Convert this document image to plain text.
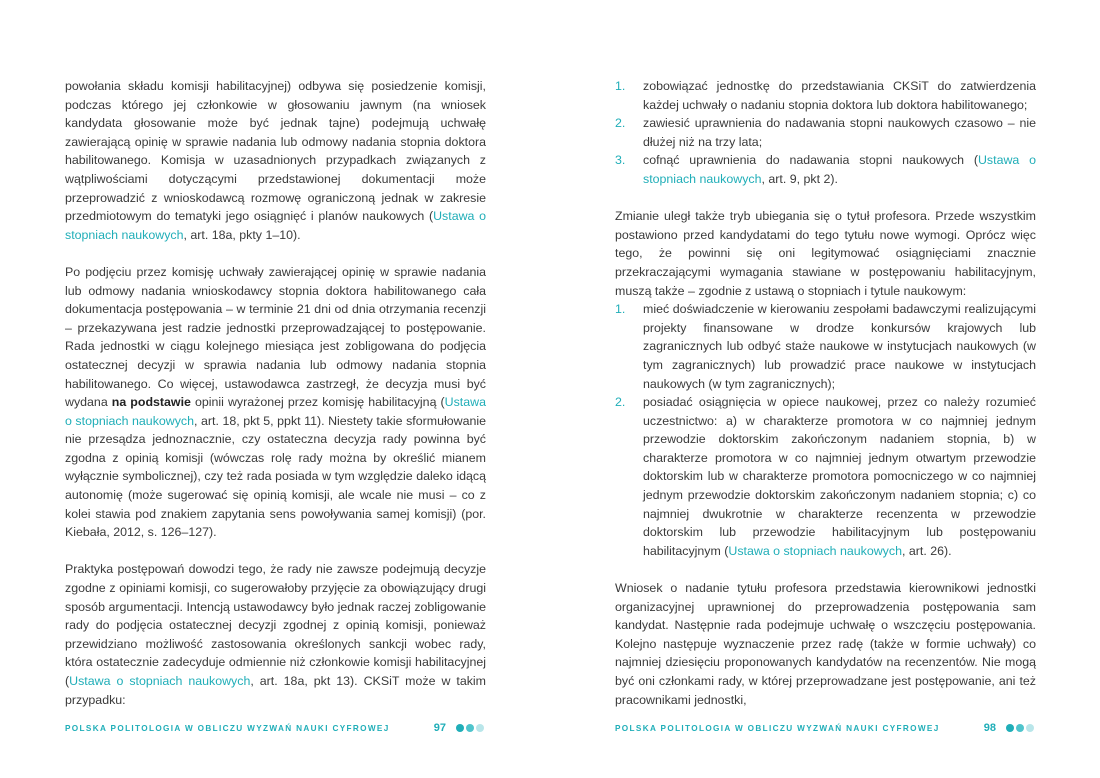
powołania składu komisji habilitacyjnej) odbywa się posiedzenie komisji, podczas którego jej członkowie w głosowaniu jawnym (na wniosek kandydata głosowanie może być jednak tajne) podejmują uchwałę zawierającą opinię w sprawie nadania lub odmowy nadania stopnia doktora habilitowanego. Komisja w uzasadnionych przypadkach związanych z wątpliwościami dotyczącymi przedstawionej dokumentacji może przeprowadzić z wnioskodawcą rozmowę ograniczoną jednak w zakresie przedmiotowym do tematyki jego osiągnięć i planów naukowych (Ustawa o stopniach naukowych, art. 18a, pkty 1–10).

Po podjęciu przez komisję uchwały zawierającej opinię w sprawie nadania lub odmowy nadania wnioskodawcy stopnia doktora habilitowanego cała dokumentacja postępowania – w terminie 21 dni od dnia otrzymania recenzji – przekazywana jest radzie jednostki przeprowadzającej to postępowanie. Rada jednostki w ciągu kolejnego miesiąca jest zobligowana do podjęcia ostatecznej decyzji w sprawia nadania lub odmowy nadania stopnia habilitowanego. Co więcej, ustawodawca zastrzegł, że decyzja musi być wydana na podstawie opinii wyrażonej przez komisję habilitacyjną (Ustawa o stopniach naukowych, art. 18, pkt 5, ppkt 11). Niestety takie sformułowanie nie przesądza jednoznacznie, czy ostateczna decyzja rady powinna być zgodna z opinią komisji (wówczas rolę rady można by określić mianem wyłącznie symbolicznej), czy też rada posiada w tym względzie daleko idącą autonomię (może sugerować się opinią komisji, ale wcale nie musi – co z kolei stawia pod znakiem zapytania sens powoływania samej komisji) (por. Kiebała, 2012, s. 126–127).

Praktyka postępowań dowodzi tego, że rady nie zawsze podejmują decyzje zgodne z opiniami komisji, co sugerowałoby przyjęcie za obowiązujący drugi sposób argumentacji. Intencją ustawodawcy było jednak raczej zobligowanie rady do podjęcia ostatecznej decyzji zgodnej z opinią komisji, ponieważ przewidziano możliwość zastosowania określonych sankcji wobec rady, która ostatecznie zadecyduje odmiennie niż członkowie komisji habilitacyjnej (Ustawa o stopniach naukowych, art. 18a, pkt 13). CKSiT może w takim przypadku:

POLSKA POLITOLOGIA W OBLICZU WYZWAŃ NAUKI CYFROWEJ	97
1. zobowiązać jednostkę do przedstawiania CKSiT do zatwierdzenia każdej uchwały o nadaniu stopnia doktora lub doktora habilitowanego;
2. zawiesić uprawnienia do nadawania stopni naukowych czasowo – nie dłużej niż na trzy lata;
3. cofnąć uprawnienia do nadawania stopni naukowych (Ustawa o stopniach naukowych, art. 9, pkt 2).

Zmianie uległ także tryb ubiegania się o tytuł profesora. Przede wszystkim postawiono przed kandydatami do tego tytułu nowe wymogi. Oprócz więc tego, że powinni się oni legitymować osiągnięciami znacznie przekraczającymi wymagania stawiane w postępowaniu habilitacyjnym, muszą także – zgodnie z ustawą o stopniach i tytule naukowym:

1. mieć doświadczenie w kierowaniu zespołami badawczymi realizującymi projekty finansowane w drodze konkursów krajowych lub zagranicznych lub odbyć staże naukowe w instytucjach naukowych (w tym zagranicznych) lub prowadzić prace naukowe w instytucjach naukowych (w tym zagranicznych);
2. posiadać osiągnięcia w opiece naukowej, przez co należy rozumieć uczestnictwo: a) w charakterze promotora w co najmniej jednym przewodzie doktorskim zakończonym nadaniem stopnia, b) w charakterze promotora w co najmniej jednym otwartym przewodzie doktorskim lub w charakterze promotora pomocniczego w co najmniej jednym przewodzie doktorskim zakończonym nadaniem stopnia; c) co najmniej dwukrotnie w charakterze recenzenta w przewodzie doktorskim lub przewodzie habilitacyjnym lub postępowaniu habilitacyjnym (Ustawa o stopniach naukowych, art. 26).

Wniosek o nadanie tytułu profesora przedstawia kierownikowi jednostki organizacyjnej uprawnionej do przeprowadzenia postępowania sam kandydat. Następnie rada podejmuje uchwałę o wszczęciu postępowania. Kolejno następuje wyznaczenie przez radę (także w formie uchwały) co najmniej dziesięciu proponowanych kandydatów na recenzentów. Nie mogą być oni członkami rady, w której przeprowadzane jest postępowanie, ani też pracownikami jednostki,

POLSKA POLITOLOGIA W OBLICZU WYZWAŃ NAUKI CYFROWEJ	98
